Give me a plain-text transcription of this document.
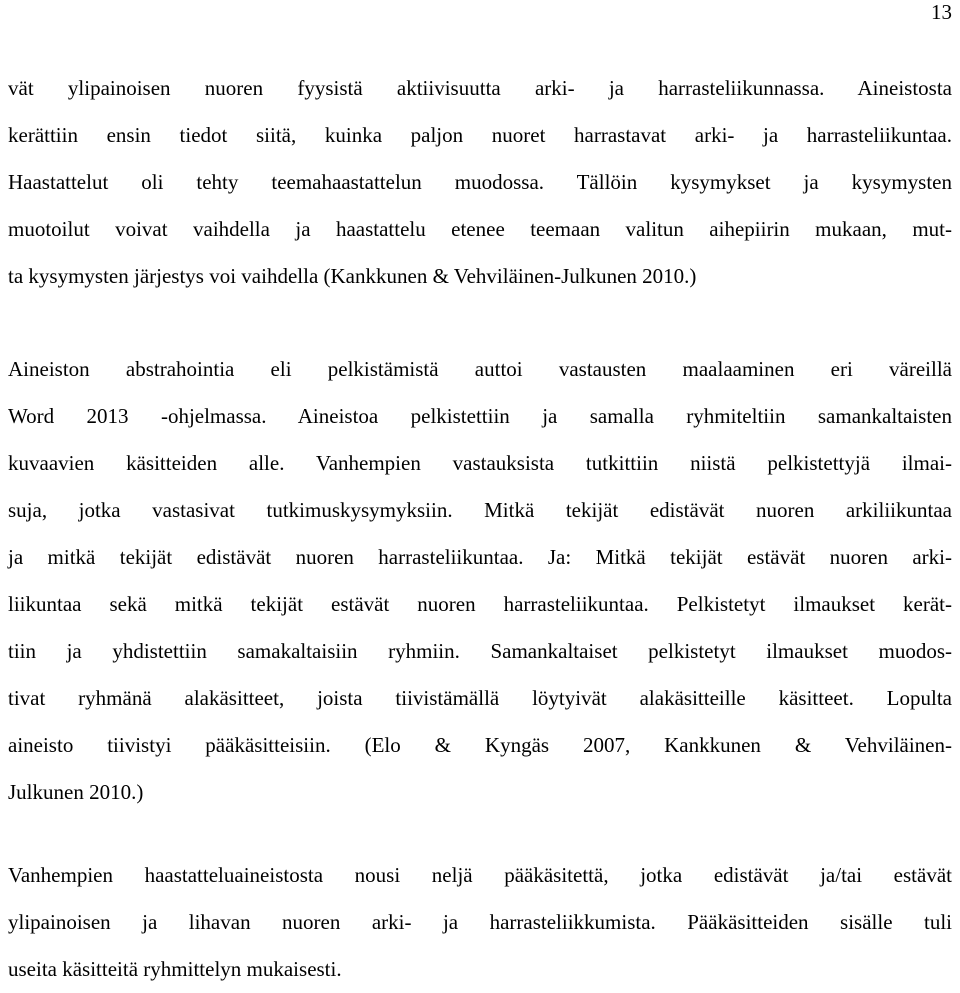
13
vät ylipainoisen nuoren fyysistä aktiivisuutta arki- ja harrasteliikunnassa. Aineistosta
kerättiin ensin tiedot siitä, kuinka paljon nuoret harrastavat arki- ja harrasteliikuntaa.
Haastattelut oli tehty teemahaastattelun muodossa. Tällöin kysymykset ja kysymysten
muotoilut voivat vaihdella ja haastattelu etenee teemaan valitun aihepiirin mukaan, mut-
ta kysymysten järjestys voi vaihdella (Kankkunen & Vehviläinen-Julkunen 2010.)
Aineiston abstrahointia eli pelkistämistä auttoi vastausten maalaaminen eri väreillä
Word 2013 -ohjelmassa. Aineistoa pelkistettiin ja samalla ryhmiteltiin samankaltaisten
kuvaavien käsitteiden alle. Vanhempien vastauksista tutkittiin niistä pelkistettyjä ilmai-
suja, jotka vastasivat tutkimuskysymyksiin. Mitkä tekijät edistävät nuoren arkiliikuntaa
ja mitkä tekijät edistävät nuoren harrasteliikuntaa. Ja: Mitkä tekijät estävät nuoren arki-
liikuntaa sekä mitkä tekijät estävät nuoren harrasteliikuntaa. Pelkistetyt ilmaukset kerät-
tiin ja yhdistettiin samakaltaisiin ryhmiin. Samankaltaiset pelkistetyt ilmaukset muodos-
tivat ryhmänä alakäsitteet, joista tiivistämällä löytyivät alakäsitteille käsitteet. Lopulta
aineisto tiivistyi pääkäsitteisiin. (Elo & Kyngäs 2007, Kankkunen & Vehviläinen-
Julkunen 2010.)
Vanhempien haastatteluaineistosta nousi neljä pääkäsitettä, jotka edistävät ja/tai estävät
ylipainoisen ja lihavan nuoren arki- ja harrasteliikkumista. Pääkäsitteiden sisälle tuli
useita käsitteitä ryhmittelyn mukaisesti.
